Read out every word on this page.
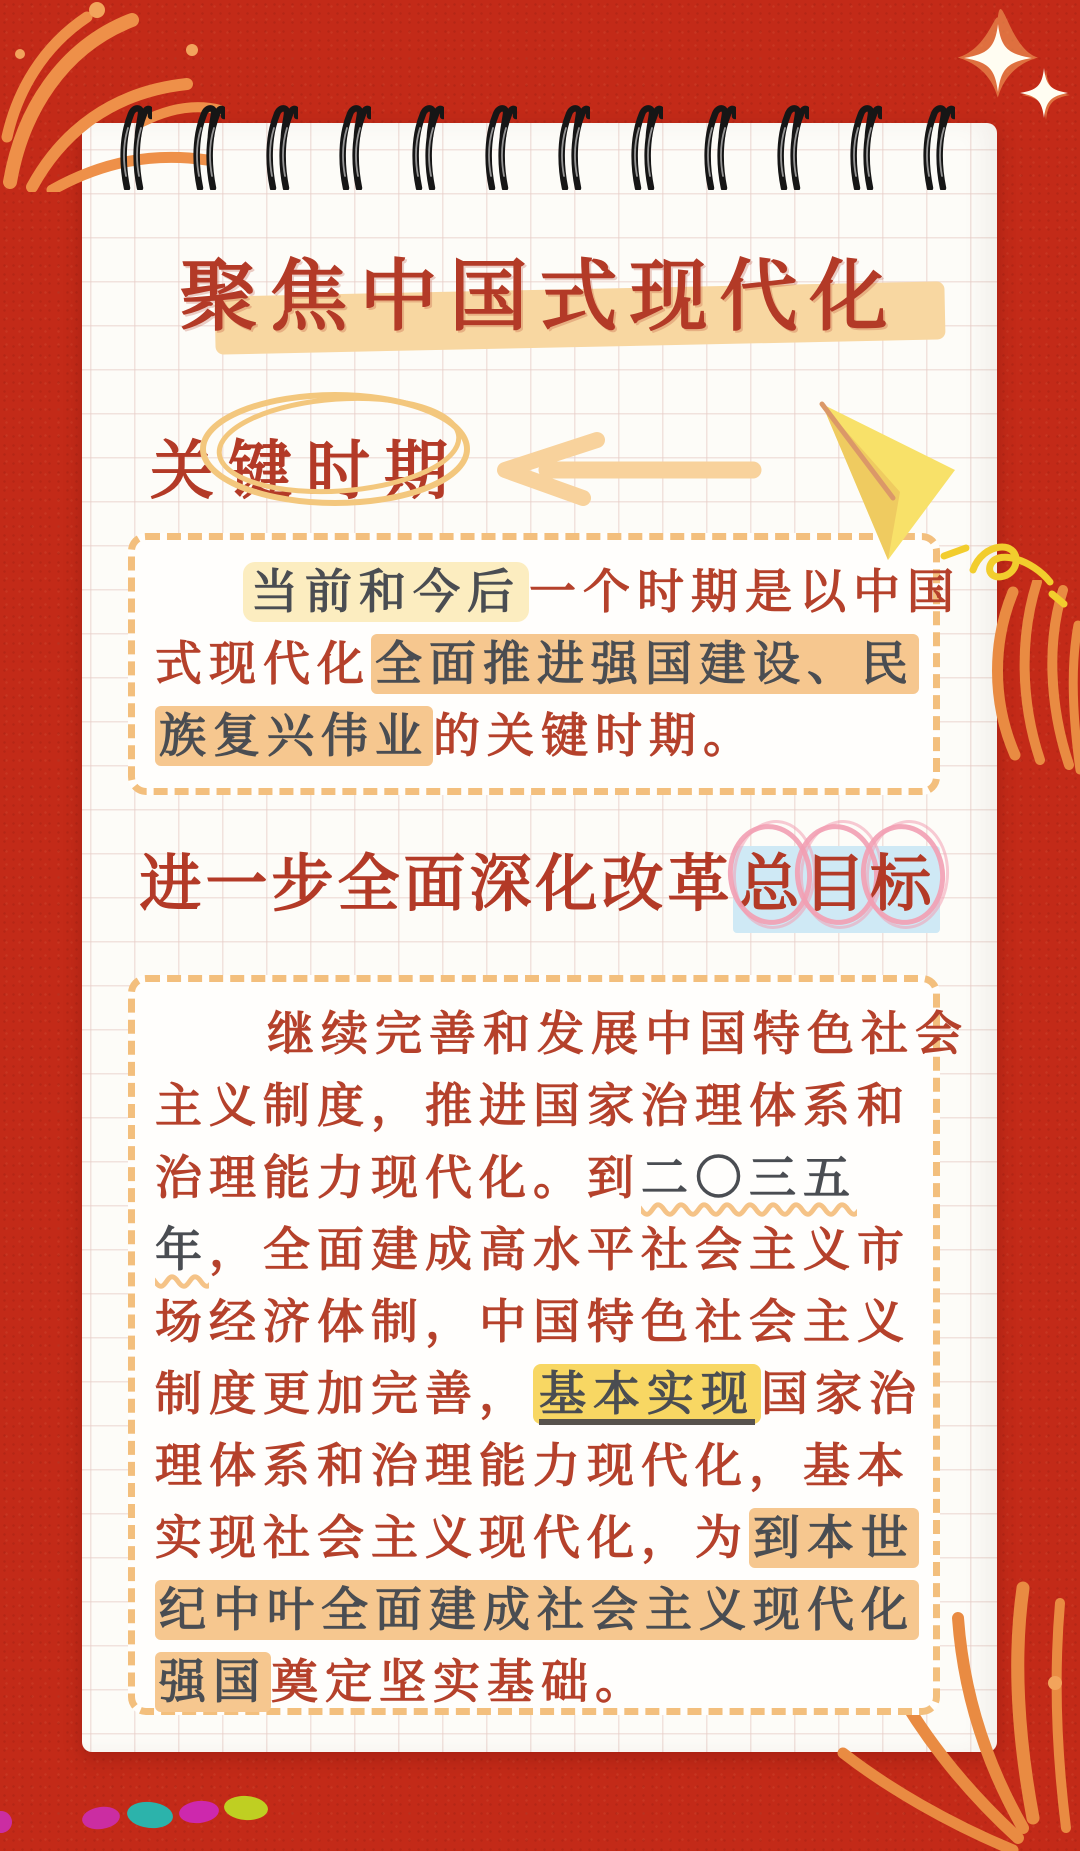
聚焦中国式现代化
关键时期
当前和今后 一个时期是以中国
式现代化 全面推进强国建设、民
族复兴伟业 的关键时期。
进一步全面深化改革总目标
继续完善和发展中国特色社会
主义制度，推进国家治理体系和
治理能力现代化。到 二〇三五
年 ，全面建成高水平社会主义市
场经济体制，中国特色社会主义
制度更加完善， 基本实现 国家治
理体系和治理能力现代化，基本
实现社会主义现代化，为 到本世
纪中叶全面建成社会主义现代化
强国 奠定坚实基础。
